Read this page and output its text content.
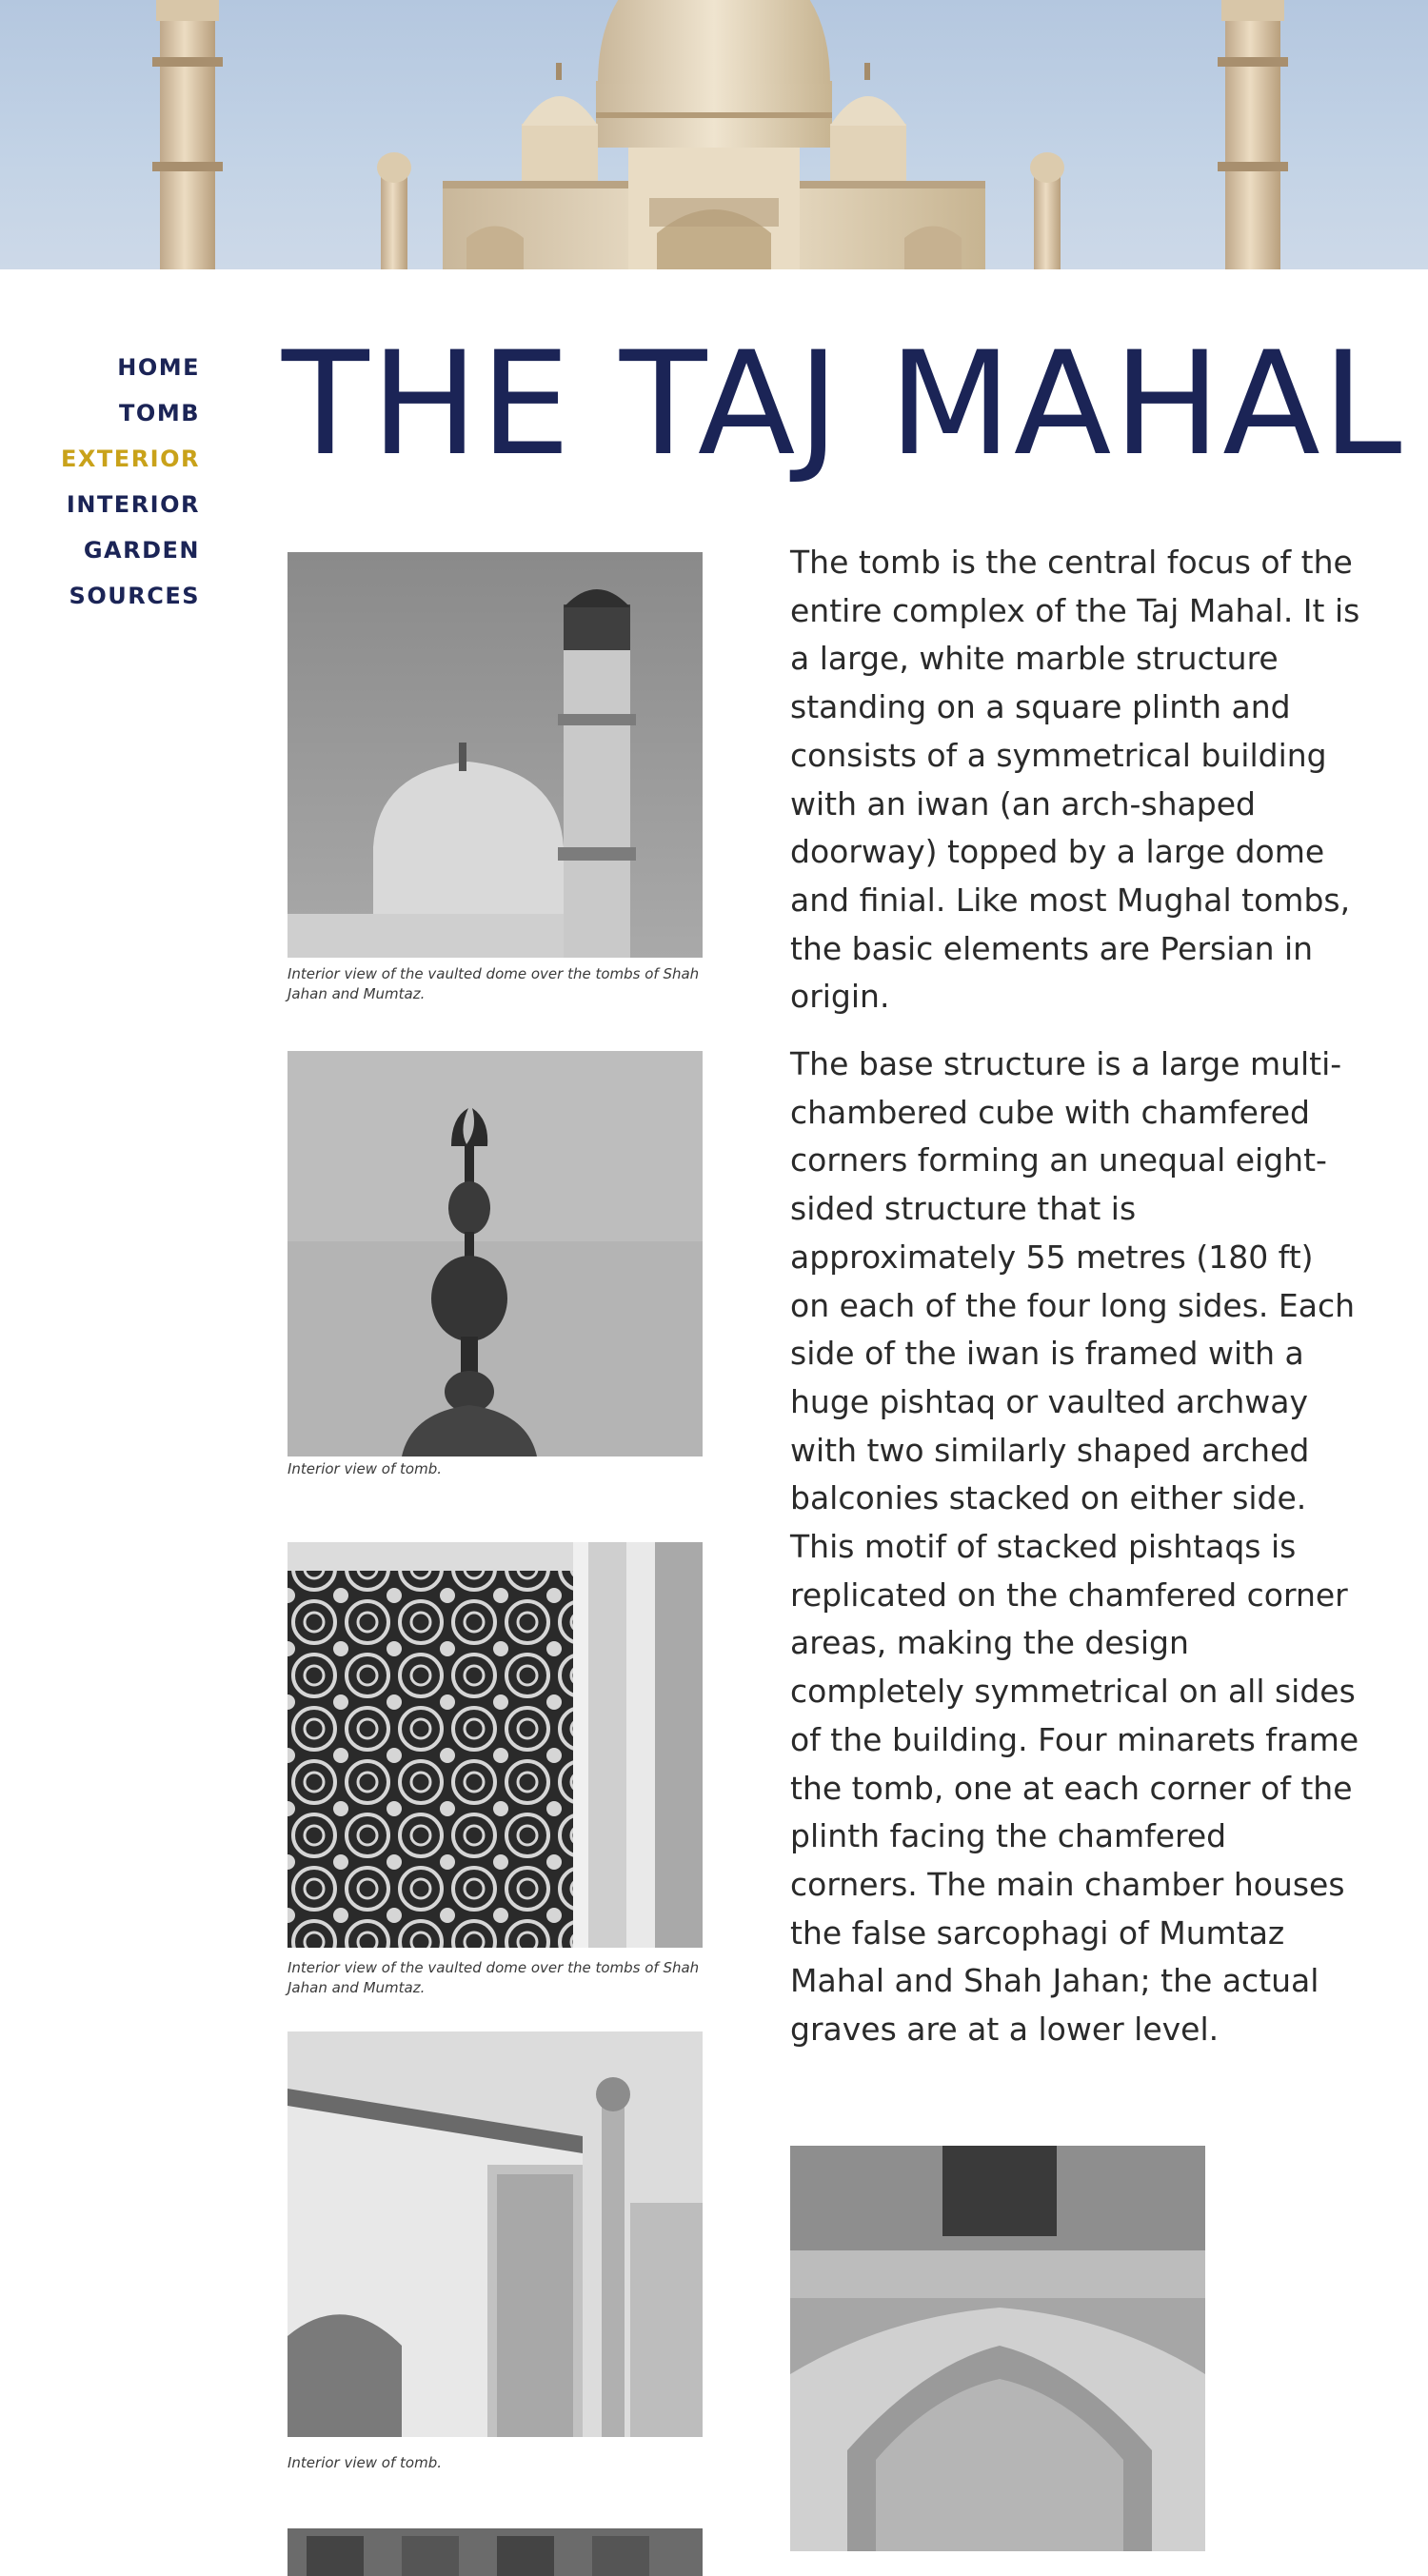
HOME
TOMB
EXTERIOR
INTERIOR
GARDEN
SOURCES
THE TAJ MAHAL

Interior view of the vaulted dome over the tombs of Shah Jahan and Mumtaz.

Interior view of tomb.

Interior view of the vaulted dome over the tombs of Shah Jahan and Mumtaz.

Interior view of tomb.

The tomb is the central focus of the entire complex of the Taj Mahal. It is a large, white marble structure standing on a square plinth and consists of a symmetrical building with an iwan (an arch-shaped doorway) topped by a large dome and finial. Like most Mughal tombs, the basic elements are Persian in origin.

The base structure is a large multi-chambered cube with chamfered corners forming an unequal eight-sided structure that is approximately 55 metres (180 ft) on each of the four long sides. Each side of the iwan is framed with a huge pishtaq or vaulted archway with two similarly shaped arched balconies stacked on either side. This motif of stacked pishtaqs is replicated on the chamfered corner areas, making the design completely symmetrical on all sides of the building. Four minarets frame the tomb, one at each corner of the plinth facing the chamfered corners. The main chamber houses the false sarcophagi of Mumtaz Mahal and Shah Jahan; the actual graves are at a lower level.
